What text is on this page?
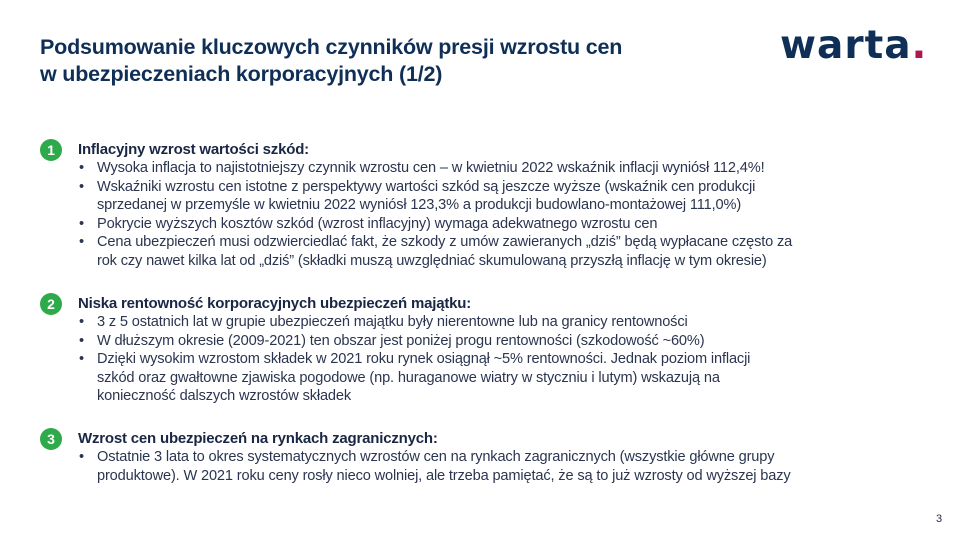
Podsumowanie kluczowych czynników presji wzrostu cen
w ubezpieczeniach korporacyjnych (1/2)
warta.
1	Inflacyjny wzrost wartości szkód:
• Wysoka inflacja to najistotniejszy czynnik wzrostu cen – w kwietniu 2022 wskaźnik inflacji wyniósł 112,4%!
• Wskaźniki wzrostu cen istotne z perspektywy wartości szkód są jeszcze wyższe (wskaźnik cen produkcji
sprzedanej w przemyśle w kwietniu 2022 wyniósł 123,3% a produkcji budowlano-montażowej 111,0%)
• Pokrycie wyższych kosztów szkód (wzrost inflacyjny) wymaga adekwatnego wzrostu cen
• Cena ubezpieczeń musi odzwierciedlać fakt, że szkody z umów zawieranych „dziś” będą wypłacane często za
rok czy nawet kilka lat od „dziś” (składki muszą uwzględniać skumulowaną przyszłą inflację w tym okresie)
2	Niska rentowność korporacyjnych ubezpieczeń majątku:
• 3 z 5 ostatnich lat w grupie ubezpieczeń majątku były nierentowne lub na granicy rentowności
• W dłuższym okresie (2009-2021) ten obszar jest poniżej progu rentowności (szkodowość ~60%)
• Dzięki wysokim wzrostom składek w 2021 roku rynek osiągnął ~5% rentowności. Jednak poziom inflacji
szkód oraz gwałtowne zjawiska pogodowe (np. huraganowe wiatry w styczniu i lutym) wskazują na
konieczność dalszych wzrostów składek
3	Wzrost cen ubezpieczeń na rynkach zagranicznych:
• Ostatnie 3 lata to okres systematycznych wzrostów cen na rynkach zagranicznych (wszystkie główne grupy
produktowe). W 2021 roku ceny rosły nieco wolniej, ale trzeba pamiętać, że są to już wzrosty od wyższej bazy
3
